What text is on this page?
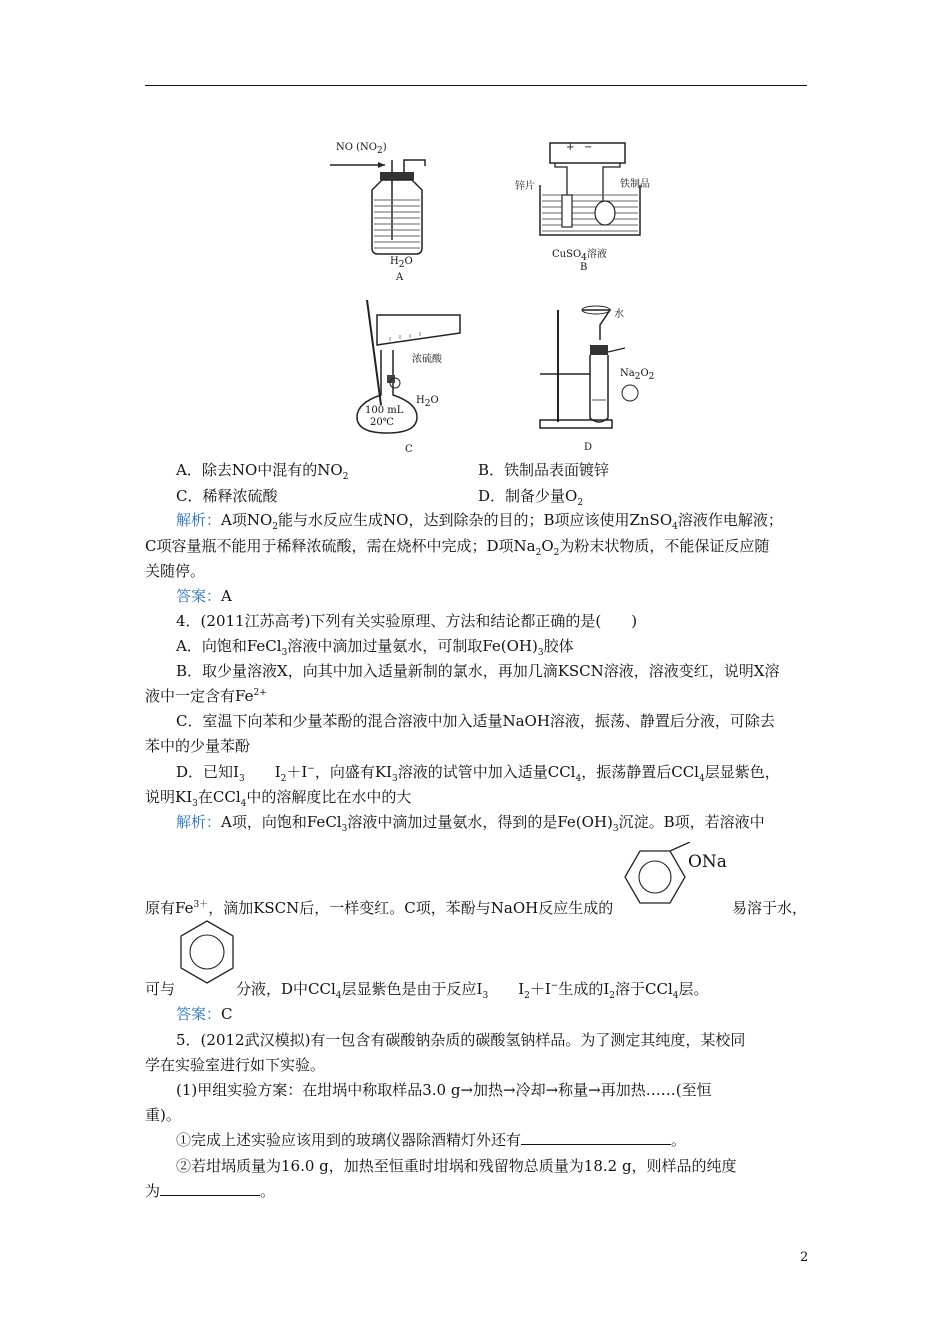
NO $(NO_2)$
$H_2O$
A
+ −
锌片	铁制品
CuSO$_4$溶液
B
浓硫酸
100 mL
20℃
$H_2O$
C
水
$Na_2O_2$
D
A．除去NO中混有的$NO_2$	B．铁制品表面镀锌
C．稀释浓硫酸	D．制备少量$O_2$
解析：A项$NO_2$能与水反应生成NO，达到除杂的目的；B项应该使用ZnSO$_4$溶液作电解液；
C项容量瓶不能用于稀释浓硫酸，需在烧杯中完成；D项$Na_2O_2$为粉末状物质，不能保证反应随
关随停。
答案：A
4．(2011江苏高考)下列有关实验原理、方法和结论都正确的是(　　)
A．向饱和FeCl$_3$溶液中滴加过量氨水，可制取$Fe(OH)_3$胶体
B．取少量溶液X，向其中加入适量新制的氯水，再加几滴KSCN溶液，溶液变红，说明X溶
液中一定含有$Fe^{2+}$
C．室温下向苯和少量苯酚的混合溶液中加入适量NaOH溶液，振荡、静置后分液，可除去
苯中的少量苯酚
D．已知$I_3$   $I_2+I^-$，向盛有$KI_3$溶液的试管中加入适量CCl$_4$，振荡静置后CCl$_4$层显紫色，
说明$KI_3$在CCl$_4$中的溶解度比在水中的大
解析：A项，向饱和FeCl$_3$溶液中滴加过量氨水，得到的是$Fe(OH)_3$沉淀。B项，若溶液中
ONa
原有$Fe^{3+}$，滴加KSCN后，一样变红。C项，苯酚与NaOH反应生成的	易溶于水，
可与	分液，D中CCl$_4$层显紫色是由于反应$I_3$   $I_2+I^-$生成的$I_2$溶于CCl$_4$层。
答案：C
5．(2012武汉模拟)有一包含有碳酸钠杂质的碳酸氢钠样品。为了测定其纯度，某校同
学在实验室进行如下实验。
(1)甲组实验方案：在坩埚中称取样品3.0 g→加热→冷却→称量→再加热……(至恒
重)。
①完成上述实验应该用到的玻璃仪器除酒精灯外还有	。
②若坩埚质量为16.0 g，加热至恒重时坩埚和残留物总质量为18.2 g，则样品的纯度
为	。
2
